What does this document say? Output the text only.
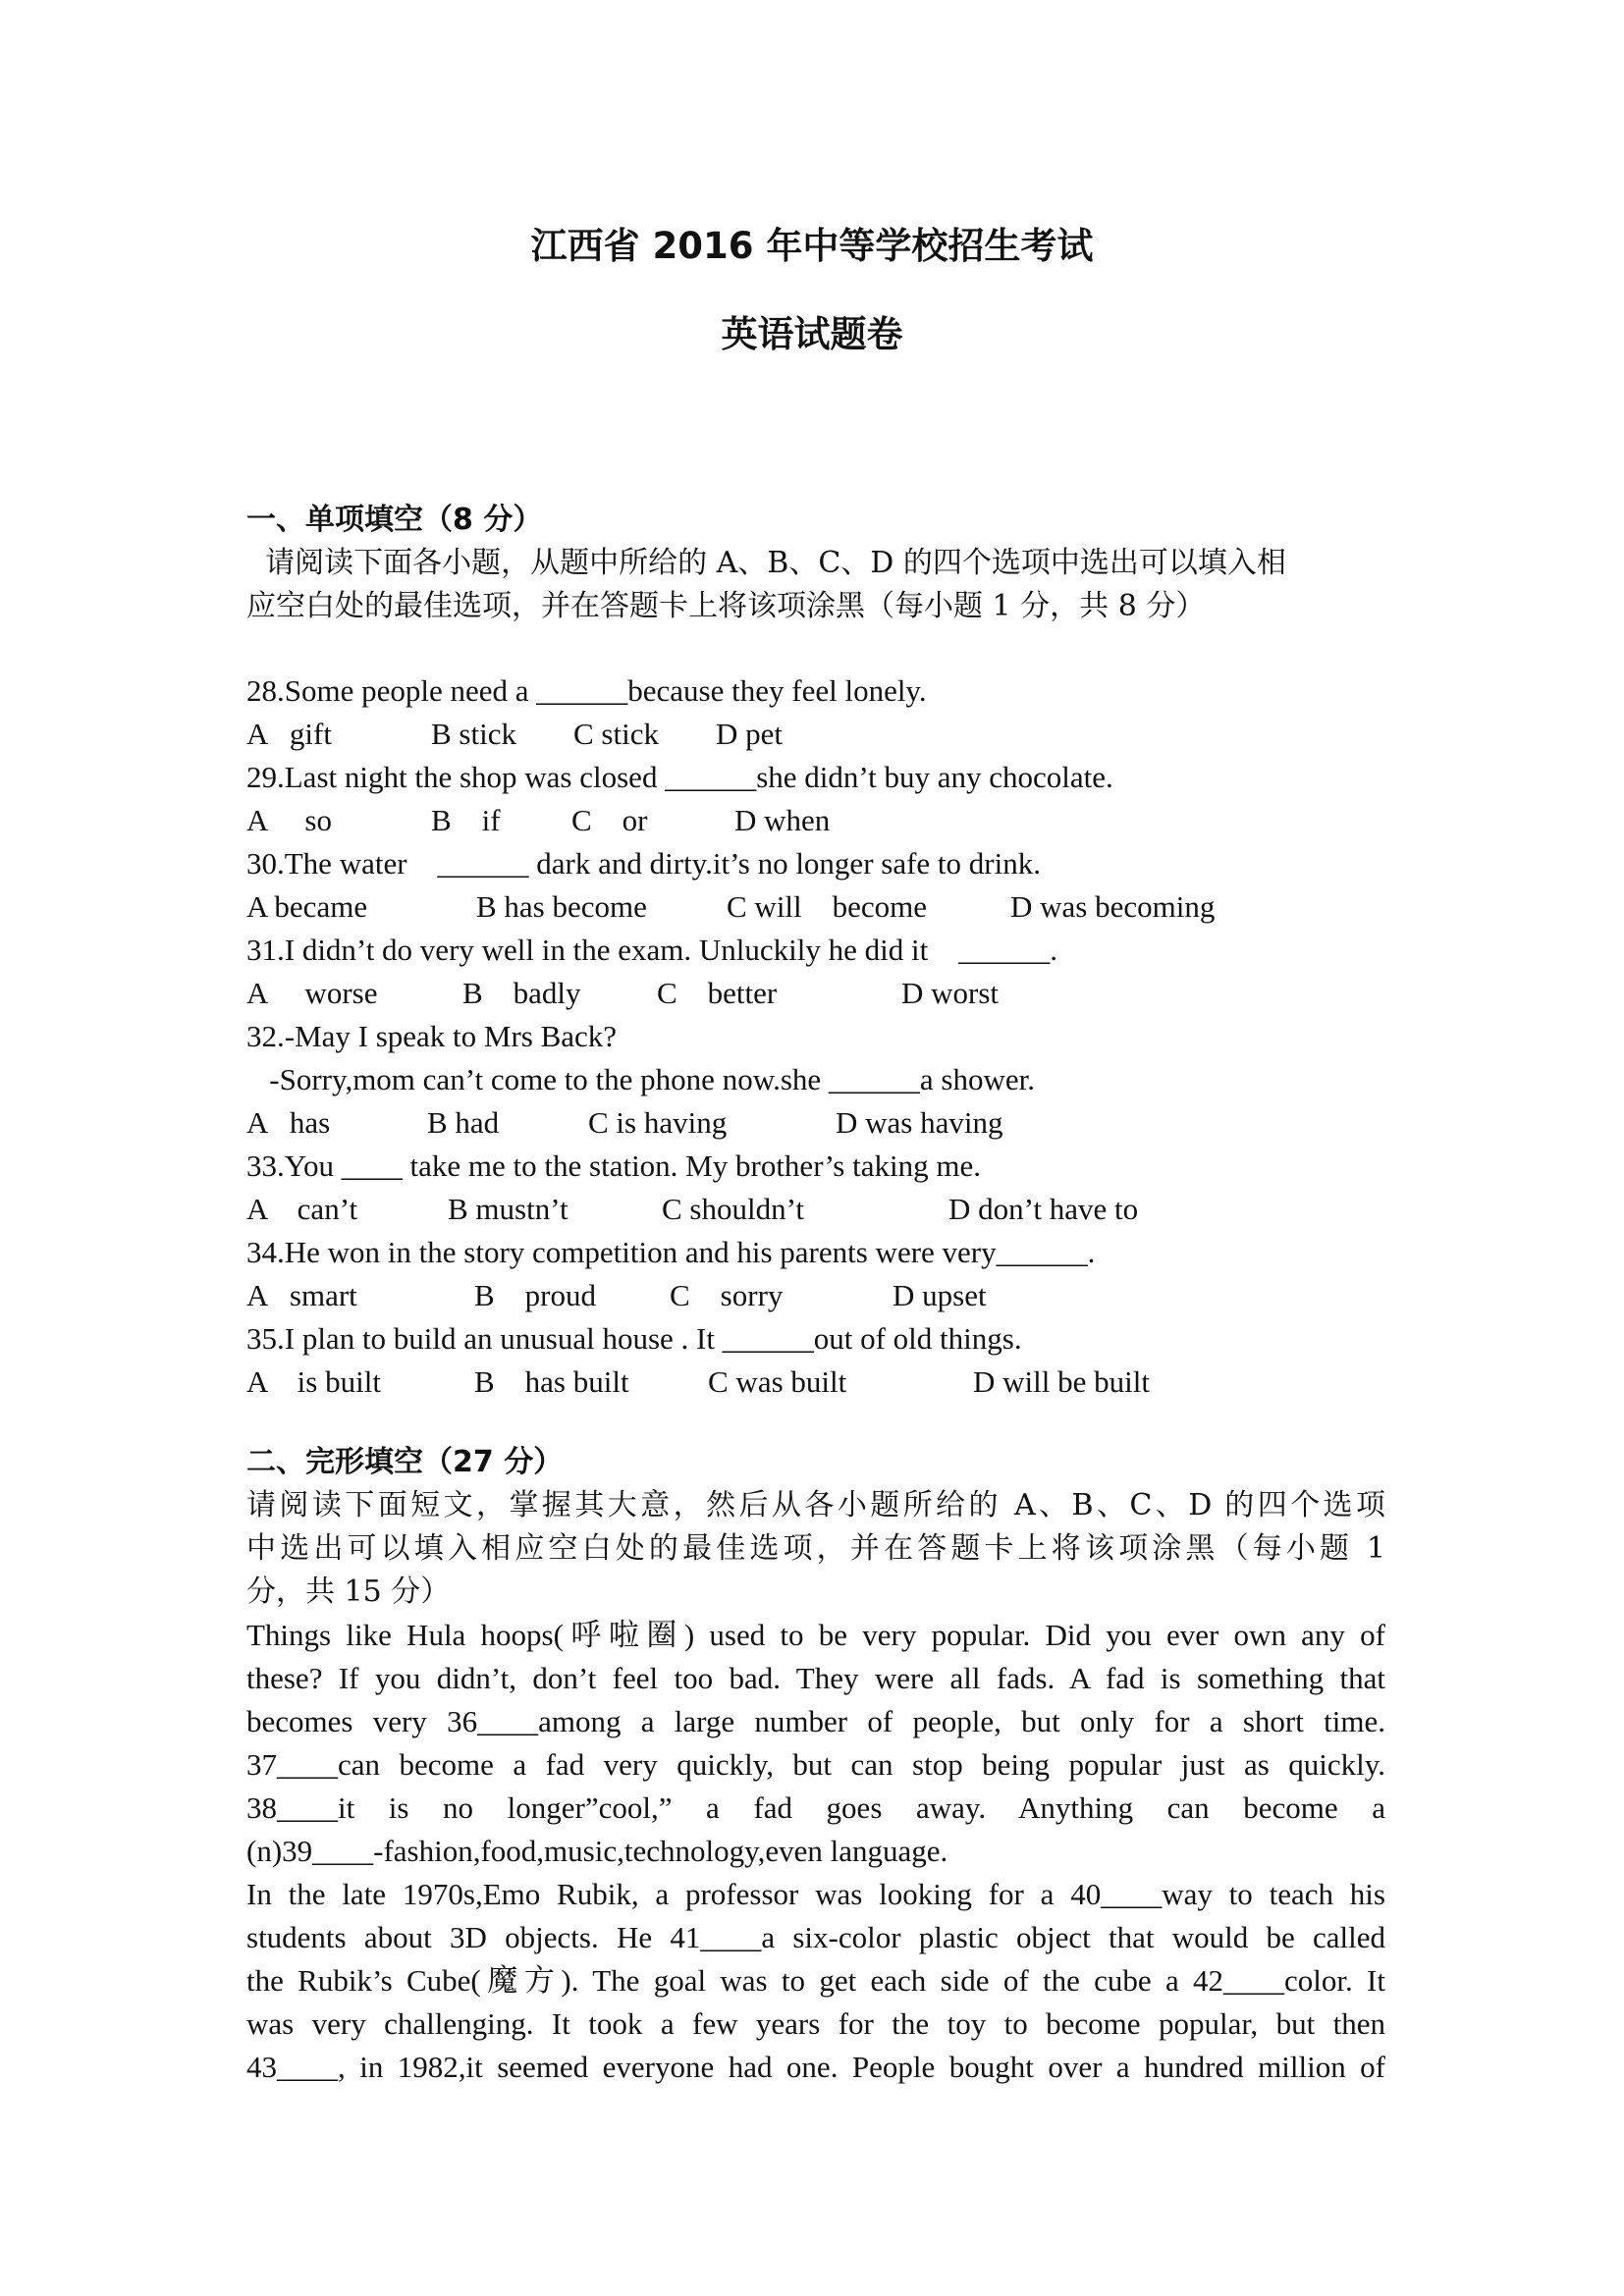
江西省 2016 年中等学校招生考试
英语试题卷
一、单项填空（8 分）
请阅读下面各小题，从题中所给的 A、B、C、D 的四个选项中选出可以填入相
应空白处的最佳选项，并在答题卡上将该项涂黑（每小题 1 分，共 8 分）
28.Some people need a ______because they feel lonely.

A   gift

	B stick

C stick

D pet

29.Last night the shop was closed ______she didn’t buy any chocolate.

A     so

	B    if

C    or

	D when

30.The water    ______ dark and dirty.it’s no longer safe to drink.

A became

	B has become

	C will    become

	D was becoming

31.I didn’t do very well in the exam. Unluckily he did it    ______.

A     worse

	B    badly

C    better

	D worst

32.-May I speak to Mrs Back?
-Sorry,mom can’t come to the phone now.she ______a shower.

A   has

	B had

	C is having

	D was having

33.You ____ take me to the station. My brother’s taking me.

A    can’t

	B mustn’t

	C shouldn’t

	D don’t have to

34.He won in the story competition and his parents were very______.

A   smart

	B    proud

C    sorry

	D upset

35.I plan to build an unusual house . It ______out of old things.

A    is built

	B    has built

	C was built

	D will be built

二、完形填空（27 分）
请阅读下面短文，掌握其大意，然后从各小题所给的 A、B、C、D 的四个选项
中选出可以填入相应空白处的最佳选项，并在答题卡上将该项涂黑（每小题 1
分，共 15 分）
Things like Hula hoops(呼啦圈) used to be very popular. Did you ever own any of
these? If you didn’t, don’t feel too bad. They were all fads. A fad is something that
becomes very 36____among a large number of people, but only for a short time.
37____can become a fad very quickly, but can stop being popular just as quickly.
38____it is no longer”cool,” a fad goes away. Anything can become a
(n)39____-fashion,food,music,technology,even language.
In the late 1970s,Emo Rubik, a professor was looking for a 40____way to teach his
students about 3D objects. He 41____a six-color plastic object that would be called
the Rubik’s Cube(魔方). The goal was to get each side of the cube a 42____color. It
was very challenging. It took a few years for the toy to become popular, but then
43____, in 1982,it seemed everyone had one. People bought over a hundred million of
